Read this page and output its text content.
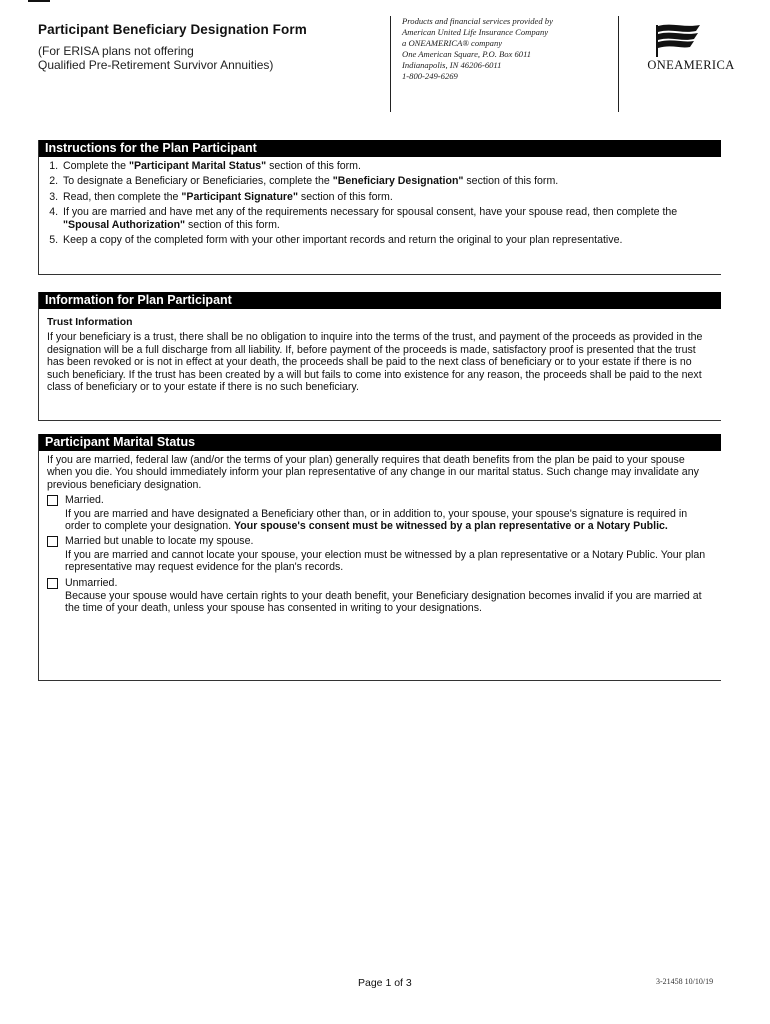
Participant Beneficiary Designation Form
(For ERISA plans not offering
Qualified Pre-Retirement Survivor Annuities)
Products and financial services provided by
American United Life Insurance Company
a ONEAMERICA® company
One American Square, P.O. Box 6011
Indianapolis, IN 46206-6011
1-800-249-6269
ONEAMERICA
Instructions for the Plan Participant
1. Complete the "Participant Marital Status" section of this form.
2. To designate a Beneficiary or Beneficiaries, complete the "Beneficiary Designation" section of this form.
3. Read, then complete the "Participant Signature" section of this form.
4. If you are married and have met any of the requirements necessary for spousal consent, have your spouse read, then complete the "Spousal Authorization" section of this form.
5. Keep a copy of the completed form with your other important records and return the original to your plan representative.
Information for Plan Participant
Trust Information

If your beneficiary is a trust, there shall be no obligation to inquire into the terms of the trust, and payment of the proceeds as provided in the designation will be a full discharge from all liability. If, before payment of the proceeds is made, satisfactory proof is presented that the trust has been revoked or is not in effect at your death, the proceeds shall be paid to the next class of beneficiary or to your estate if there is no such beneficiary. If the trust has been created by a will but fails to come into existence for any reason, the proceeds shall be paid to the next class of beneficiary or to your estate if there is no such beneficiary.

Participant Marital Status

If you are married, federal law (and/or the terms of your plan) generally requires that death benefits from the plan be paid to your spouse when you die. You should immediately inform your plan representative of any change in our marital status. Such change may invalidate any previous beneficiary designation.

Married.

If you are married and have designated a Beneficiary other than, or in addition to, your spouse, your spouse's signature is required in order to complete your designation. Your spouse's consent must be witnessed by a plan representative or a Notary Public.

Married but unable to locate my spouse.

If you are married and cannot locate your spouse, your election must be witnessed by a plan representative or a Notary Public. Your plan representative may request evidence for the plan's records.

Unmarried.

Because your spouse would have certain rights to your death benefit, your Beneficiary designation becomes invalid if you are married at the time of your death, unless your spouse has consented in writing to your designations.

Page 1 of 3	3-21458 10/10/19
